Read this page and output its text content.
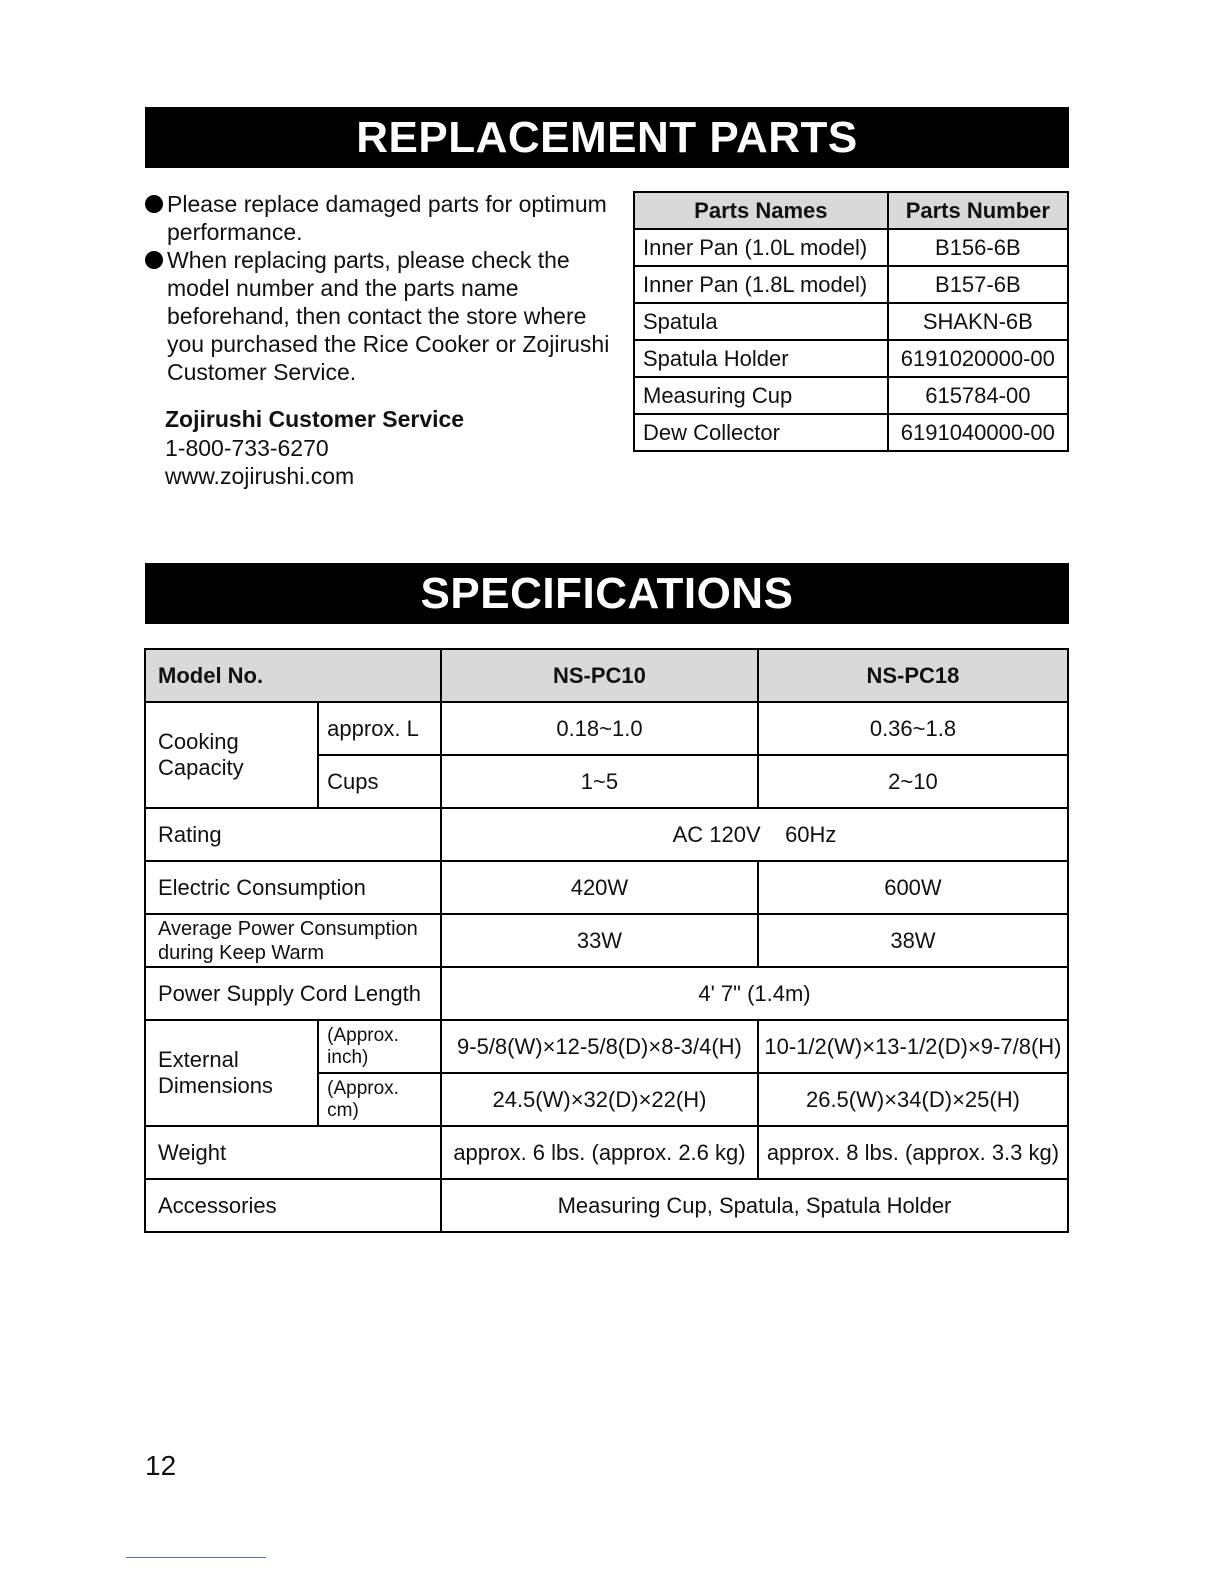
REPLACEMENT PARTS

Please replace damaged parts for optimum performance.

When replacing parts, please check the model number and the parts name beforehand, then contact the store where you purchased the Rice Cooker or Zojirushi Customer Service.

Zojirushi Customer Service
1-800-733-6270
www.zojirushi.com
Parts Names	Parts Number
Inner Pan (1.0L model)	B156-6B
Inner Pan (1.8L model)	B157-6B
Spatula	SHAKN-6B
Spatula Holder	6191020000-00
Measuring Cup	615784-00
Dew Collector	6191040000-00
SPECIFICATIONS
Model No.		NS-PC10	NS-PC18
Cooking Capacity	approx. L	0.18~1.0	0.36~1.8
	Cups	1~5	2~10
Rating		AC 120V    60Hz	
Electric Consumption		420W	600W
Average Power Consumption during Keep Warm		33W	38W
Power Supply Cord Length		4' 7" (1.4m)	
External Dimensions	(Approx. inch)	9-5/8(W)×12-5/8(D)×8-3/4(H)	10-1/2(W)×13-1/2(D)×9-7/8(H)
	(Approx. cm)	24.5(W)×32(D)×22(H)	26.5(W)×34(D)×25(H)
Weight		approx. 6 lbs. (approx. 2.6 kg)	approx. 8 lbs. (approx. 3.3 kg)
Accessories		Measuring Cup, Spatula, Spatula Holder	
12
